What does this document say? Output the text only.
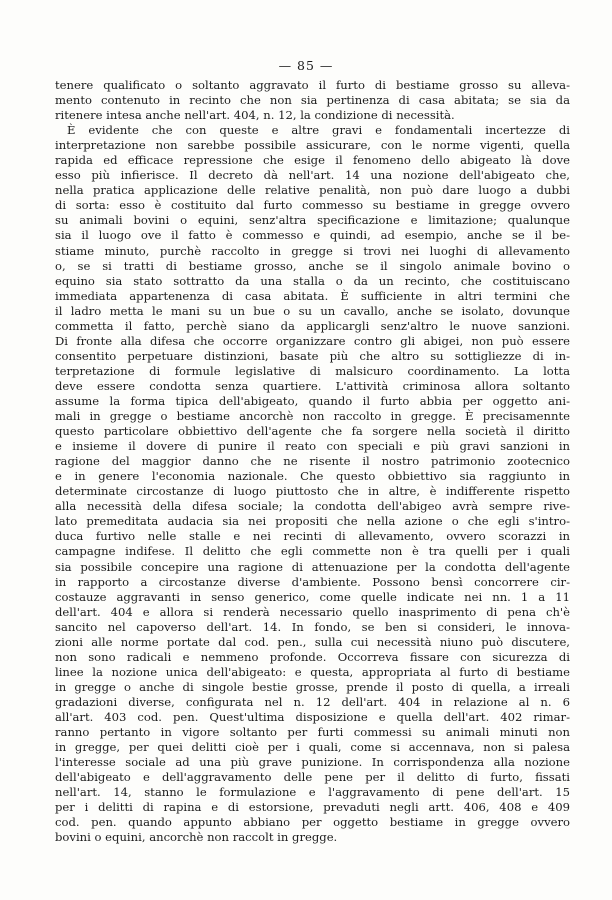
— 85 —

tenere qualificato o soltanto aggravato il furto di bestiame grosso su alleva-
mento contenuto in recinto che non sia pertinenza di casa abitata; se sia da
ritenere intesa anche nell'art. 404, n. 12, la condizione di necessità.

È evidente che con queste e altre gravi e fondamentali incertezze di
interpretazione non sarebbe possibile assicurare, con le norme vigenti, quella
rapida ed efficace repressione che esige il fenomeno dello abigeato là dove
esso più infierisce. Il decreto dà nell'art. 14 una nozione dell'abigeato che,
nella pratica applicazione delle relative penalità, non può dare luogo a dubbi
di sorta: esso è costituito dal furto commesso su bestiame in gregge ovvero
su animali bovini o equini, senz'altra specificazione e limitazione; qualunque
sia il luogo ove il fatto è commesso e quindi, ad esempio, anche se il be-
stiame minuto, purchè raccolto in gregge si trovi nei luoghi di allevamento
o, se si tratti di bestiame grosso, anche se il singolo animale bovino o
equino sia stato sottratto da una stalla o da un recinto, che costituiscano
immediata appartenenza di casa abitata. È sufficiente in altri termini che
il ladro metta le mani su un bue o su un cavallo, anche se isolato, dovunque
commetta il fatto, perchè siano da applicargli senz'altro le nuove sanzioni.
Di fronte alla difesa che occorre organizzare contro gli abigei, non può essere
consentito perpetuare distinzioni, basate più che altro su sottigliezze di in-
terpretazione di formule legislative di malsicuro coordinamento. La lotta
deve essere condotta senza quartiere. L'attività criminosa allora soltanto
assume la forma tipica dell'abigeato, quando il furto abbia per oggetto ani-
mali in gregge o bestiame ancorchè non raccolto in gregge. È precisamennte
questo particolare obbiettivo dell'agente che fa sorgere nella società il diritto
e insieme il dovere di punire il reato con speciali e più gravi sanzioni in
ragione del maggior danno che ne risente il nostro patrimonio zootecnico
e in genere l'economia nazionale. Che questo obbiettivo sia raggiunto in
determinate circostanze di luogo piuttosto che in altre, è indifferente rispetto
alla necessità della difesa sociale; la condotta dell'abigeo avrà sempre rive-
lato premeditata audacia sia nei propositi che nella azione o che egli s'intro-
duca furtivo nelle stalle e nei recinti di allevamento, ovvero scorazzi in
campagne indifese. Il delitto che egli commette non è tra quelli per i quali
sia possibile concepire una ragione di attenuazione per la condotta dell'agente
in rapporto a circostanze diverse d'ambiente. Possono bensì concorrere cir-
costauze aggravanti in senso generico, come quelle indicate nei nn. 1 a 11
dell'art. 404 e allora si renderà necessario quello inasprimento di pena ch'è
sancito nel capoverso dell'art. 14. In fondo, se ben si consideri, le innova-
zioni alle norme portate dal cod. pen., sulla cui necessità niuno può discutere,
non sono radicali e nemmeno profonde. Occorreva fissare con sicurezza di
linee la nozione unica dell'abigeato: e questa, appropriata al furto di bestiame
in gregge o anche di singole bestie grosse, prende il posto di quella, a irreali
gradazioni diverse, configurata nel n. 12 dell'art. 404 in relazione al n. 6
all'art. 403 cod. pen. Quest'ultima disposizione e quella dell'art. 402 rimar-
ranno pertanto in vigore soltanto per furti commessi su animali minuti non
in gregge, per quei delitti cioè per i quali, come si accennava, non si palesa
l'interesse sociale ad una più grave punizione. In corrispondenza alla nozione
dell'abigeato e dell'aggravamento delle pene per il delitto di furto, fissati
nell'art. 14, stanno le formulazione e l'aggravamento di pene dell'art. 15
per i delitti di rapina e di estorsione, prevaduti negli artt. 406, 408 e 409
cod. pen. quando appunto abbiano per oggetto bestiame in gregge ovvero
bovini o equini, ancorchè non raccolt in gregge.
